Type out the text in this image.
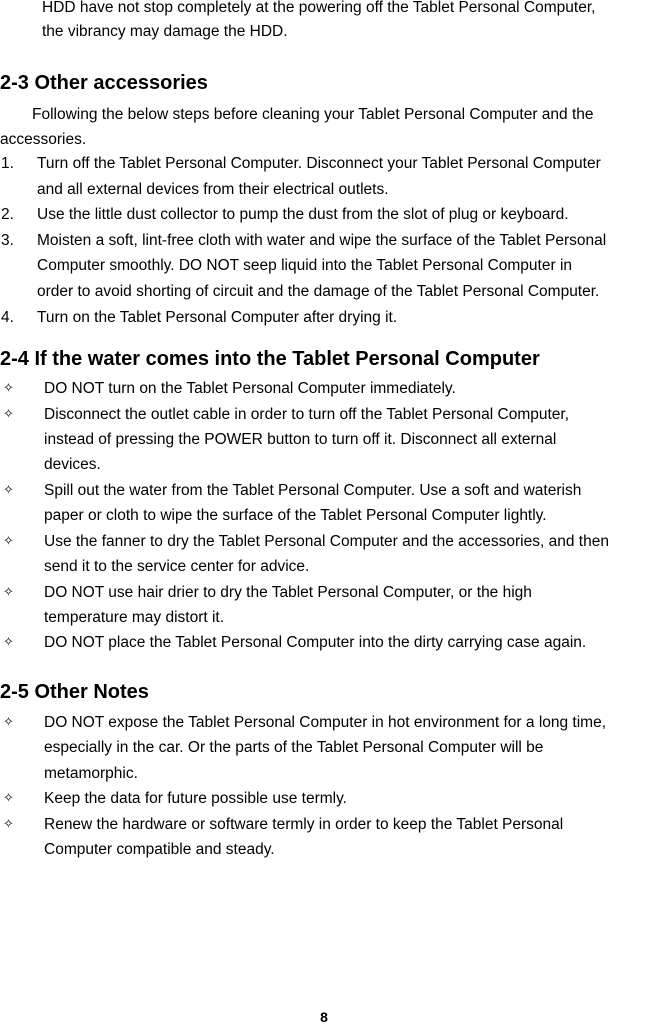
HDD have not stop completely at the powering off the Tablet Personal Computer,
the vibrancy may damage the HDD.
2-3 Other accessories
Following the below steps before cleaning your Tablet Personal Computer and the
accessories.
1. Turn off the Tablet Personal Computer. Disconnect your Tablet Personal Computer
and all external devices from their electrical outlets.
2. Use the little dust collector to pump the dust from the slot of plug or keyboard.
3. Moisten a soft, lint-free cloth with water and wipe the surface of the Tablet Personal
Computer smoothly. DO NOT seep liquid into the Tablet Personal Computer in
order to avoid shorting of circuit and the damage of the Tablet Personal Computer.
4. Turn on the Tablet Personal Computer after drying it.
2-4 If the water comes into the Tablet Personal Computer
✧ DO NOT turn on the Tablet Personal Computer immediately.
✧ Disconnect the outlet cable in order to turn off the Tablet Personal Computer,
instead of pressing the POWER button to turn off it. Disconnect all external
devices.
✧ Spill out the water from the Tablet Personal Computer. Use a soft and waterish
paper or cloth to wipe the surface of the Tablet Personal Computer lightly.
✧ Use the fanner to dry the Tablet Personal Computer and the accessories, and then
send it to the service center for advice.
✧ DO NOT use hair drier to dry the Tablet Personal Computer, or the high
temperature may distort it.
✧ DO NOT place the Tablet Personal Computer into the dirty carrying case again.
2-5 Other Notes
✧ DO NOT expose the Tablet Personal Computer in hot environment for a long time,
especially in the car. Or the parts of the Tablet Personal Computer will be
metamorphic.
✧ Keep the data for future possible use termly.
✧ Renew the hardware or software termly in order to keep the Tablet Personal
Computer compatible and steady.
8
